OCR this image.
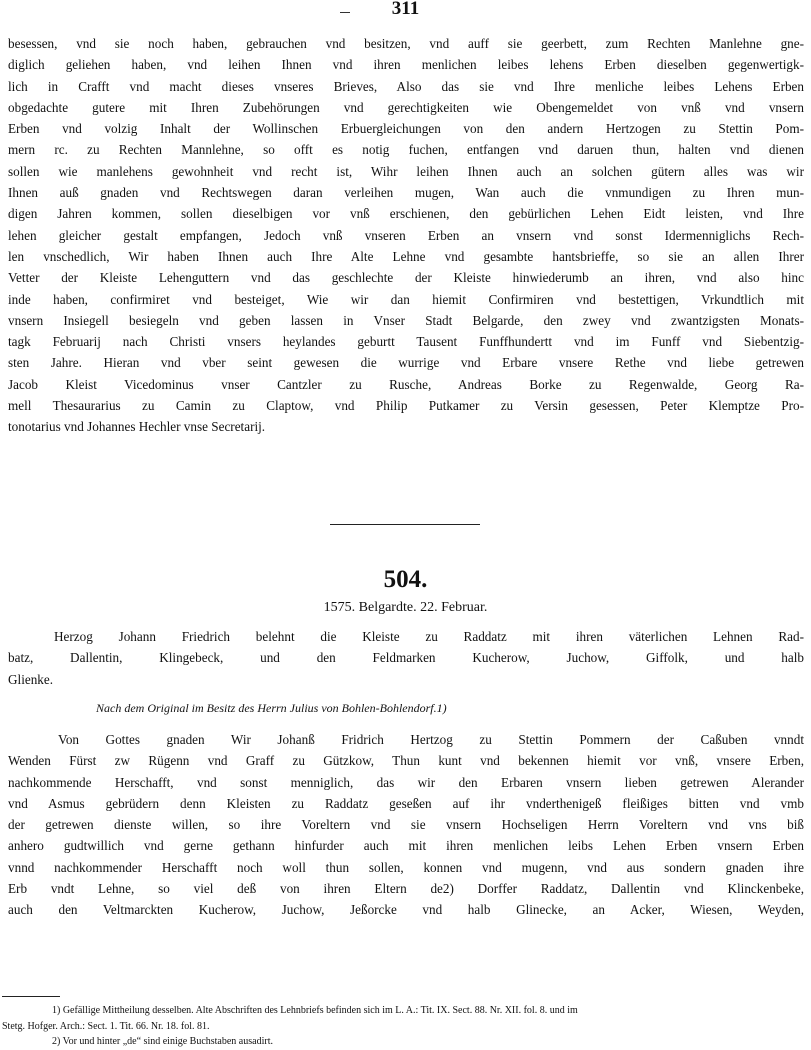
311
besessen, vnd sie noch haben, gebrauchen vnd besitzen, vnd auff sie geerbett, zum Rechten Manlehne gne-
diglich geliehen haben, vnd leihen Ihnen vnd ihren menlichen leibes lehens Erben dieselben gegenwertigk-
lich in Crafft vnd macht dieses vnseres Brieves, Also das sie vnd Ihre menliche leibes Lehens Erben
obgedachte gutere mit Ihren Zubehörungen vnd gerechtigkeiten wie Obengemeldet von vnß vnd vnsern
Erben vnd volzig Inhalt der Wollinschen Erbuergleichungen von den andern Hertzogen zu Stettin Pom-
mern rc. zu Rechten Mannlehne, so offt es notig fuchen, entfangen vnd daruen thun, halten vnd dienen
sollen wie manlehens gewohnheit vnd recht ist, Wihr leihen Ihnen auch an solchen gütern alles was wir
Ihnen auß gnaden vnd Rechtswegen daran verleihen mugen, Wan auch die vnmundigen zu Ihren mun-
digen Jahren kommen, sollen dieselbigen vor vnß erschienen, den gebürlichen Lehen Eidt leisten, vnd Ihre
lehen gleicher gestalt empfangen, Jedoch vnß vnseren Erben an vnsern vnd sonst Idermenniglichs Rech-
len vnschedlich, Wir haben Ihnen auch Ihre Alte Lehne vnd gesambte hantsbrieffe, so sie an allen Ihrer
Vetter der Kleiste Lehenguttern vnd das geschlechte der Kleiste hinwiederumb an ihren, vnd also hinc
inde haben, confirmiret vnd besteiget, Wie wir dan hiemit Confirmiren vnd bestettigen, Vrkundtlich mit
vnsern Insiegell besiegeln vnd geben lassen in Vnser Stadt Belgarde, den zwey vnd zwantzigsten Monats-
tagk Februarij nach Christi vnsers heylandes geburtt Tausent Funffhundertt vnd im Funff vnd Siebentzig-
sten Jahre. Hieran vnd vber seint gewesen die wurrige vnd Erbare vnsere Rethe vnd liebe getrewen
Jacob Kleist Vicedominus vnser Cantzler zu Rusche, Andreas Borke zu Regenwalde, Georg Ra-
mell Thesaurarius zu Camin zu Claptow, vnd Philip Putkamer zu Versin gesessen, Peter Klemptze Pro-
tonotarius vnd Johannes Hechler vnse Secretarij.
504.
1575. Belgardte. 22. Februar.
Herzog Johann Friedrich belehnt die Kleiste zu Raddatz mit ihren väterlichen Lehnen Rad-
batz, Dallentin, Klingebeck, und den Feldmarken Kucherow, Juchow, Giffolk, und halb
Glienke.
Nach dem Original im Besitz des Herrn Julius von Bohlen-Bohlendorf.1)
Von Gottes gnaden Wir Johanß Fridrich Hertzog zu Stettin Pommern der Caßuben vnndt
Wenden Fürst zw Rügenn vnd Graff zu Gützkow, Thun kunt vnd bekennen hiemit vor vnß, vnsere Erben,
nachkommende Herschafft, vnd sonst menniglich, das wir den Erbaren vnsern lieben getrewen Alerander
vnd Asmus gebrüdern denn Kleisten zu Raddatz geseßen auf ihr vnderthenigeß fleißiges bitten vnd vmb
der getrewen dienste willen, so ihre Voreltern vnd sie vnsern Hochseligen Herrn Voreltern vnd vns biß
anhero gudtwillich vnd gerne gethann hinfurder auch mit ihren menlichen leibs Lehen Erben vnsern Erben
vnnd nachkommender Herschafft noch woll thun sollen, konnen vnd mugenn, vnd aus sondern gnaden ihre
Erb vndt Lehne, so viel deß von ihren Eltern de2) Dorffer Raddatz, Dallentin vnd Klinckenbeke,
auch den Veltmarckten Kucherow, Juchow, Jeßorcke vnd halb Glinecke, an Acker, Wiesen, Weyden,
1) Gefällige Mittheilung desselben. Alte Abschriften des Lehnbriefs befinden sich im L. A.: Tit. IX. Sect. 88. Nr. XII. fol. 8. und im
Stetg. Hofger. Arch.: Sect. 1. Tit. 66. Nr. 18. fol. 81.
2) Vor und hinter „de“ sind einige Buchstaben ausadirt.
